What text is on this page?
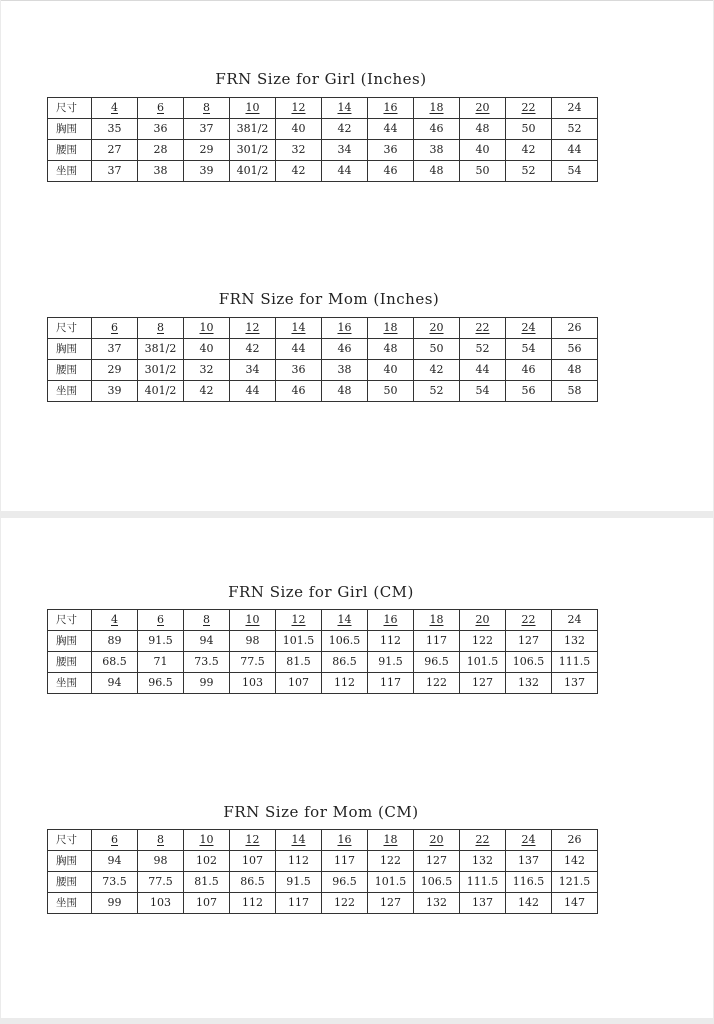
FRN Size for Girl (Inches)
尺寸	4	6	8	10	12	14	16	18	20	22	24
胸围	35	36	37	381/2	40	42	44	46	48	50	52
腰围	27	28	29	301/2	32	34	36	38	40	42	44
坐围	37	38	39	401/2	42	44	46	48	50	52	54
FRN Size for Mom (Inches)
尺寸	6	8	10	12	14	16	18	20	22	24	26
胸围	37	381/2	40	42	44	46	48	50	52	54	56
腰围	29	301/2	32	34	36	38	40	42	44	46	48
坐围	39	401/2	42	44	46	48	50	52	54	56	58
FRN Size for Girl (CM)
尺寸	4	6	8	10	12	14	16	18	20	22	24
胸围	89	91.5	94	98	101.5	106.5	112	117	122	127	132
腰围	68.5	71	73.5	77.5	81.5	86.5	91.5	96.5	101.5	106.5	111.5
坐围	94	96.5	99	103	107	112	117	122	127	132	137
FRN Size for Mom (CM)
尺寸	6	8	10	12	14	16	18	20	22	24	26
胸围	94	98	102	107	112	117	122	127	132	137	142
腰围	73.5	77.5	81.5	86.5	91.5	96.5	101.5	106.5	111.5	116.5	121.5
坐围	99	103	107	112	117	122	127	132	137	142	147
